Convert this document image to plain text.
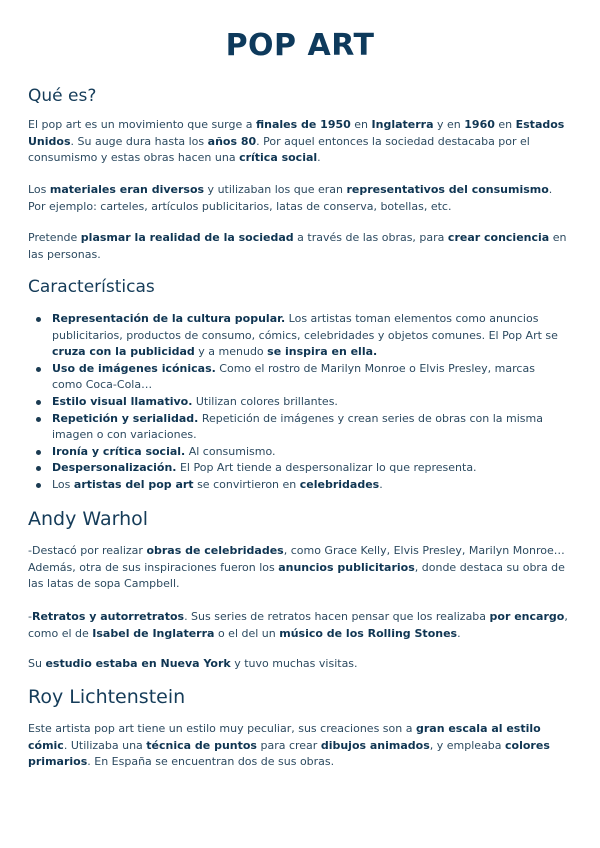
POP ART
Qué es?

El pop art es un movimiento que surge a finales de 1950 en Inglaterra y en 1960 en Estados Unidos. Su auge dura hasta los años 80. Por aquel entonces la sociedad destacaba por el consumismo y estas obras hacen una crítica social.

Los materiales eran diversos y utilizaban los que eran representativos del consumismo. Por ejemplo: carteles, artículos publicitarios, latas de conserva, botellas, etc.

Pretende plasmar la realidad de la sociedad a través de las obras, para crear conciencia en las personas.

Características
Representación de la cultura popular. Los artistas toman elementos como anuncios publicitarios, productos de consumo, cómics, celebridades y objetos comunes. El Pop Art se cruza con la publicidad y a menudo se inspira en ella.
Uso de imágenes icónicas. Como el rostro de Marilyn Monroe o Elvis Presley, marcas como Coca-Cola…
Estilo visual llamativo. Utilizan colores brillantes.
Repetición y serialidad. Repetición de imágenes y crean series de obras con la misma imagen o con variaciones.
Ironía y crítica social. Al consumismo.
Despersonalización. El Pop Art tiende a despersonalizar lo que representa.
Los artistas del pop art se convirtieron en celebridades.
Andy Warhol

-Destacó por realizar obras de celebridades, como Grace Kelly, Elvis Presley, Marilyn Monroe… Además, otra de sus inspiraciones fueron los anuncios publicitarios, donde destaca su obra de las latas de sopa Campbell.

-Retratos y autorretratos. Sus series de retratos hacen pensar que los realizaba por encargo, como el de Isabel de Inglaterra o el del un músico de los Rolling Stones.

Su estudio estaba en Nueva York y tuvo muchas visitas.

Roy Lichtenstein

Este artista pop art tiene un estilo muy peculiar, sus creaciones son a gran escala al estilo cómic. Utilizaba una técnica de puntos para crear dibujos animados, y empleaba colores primarios. En España se encuentran dos de sus obras.
